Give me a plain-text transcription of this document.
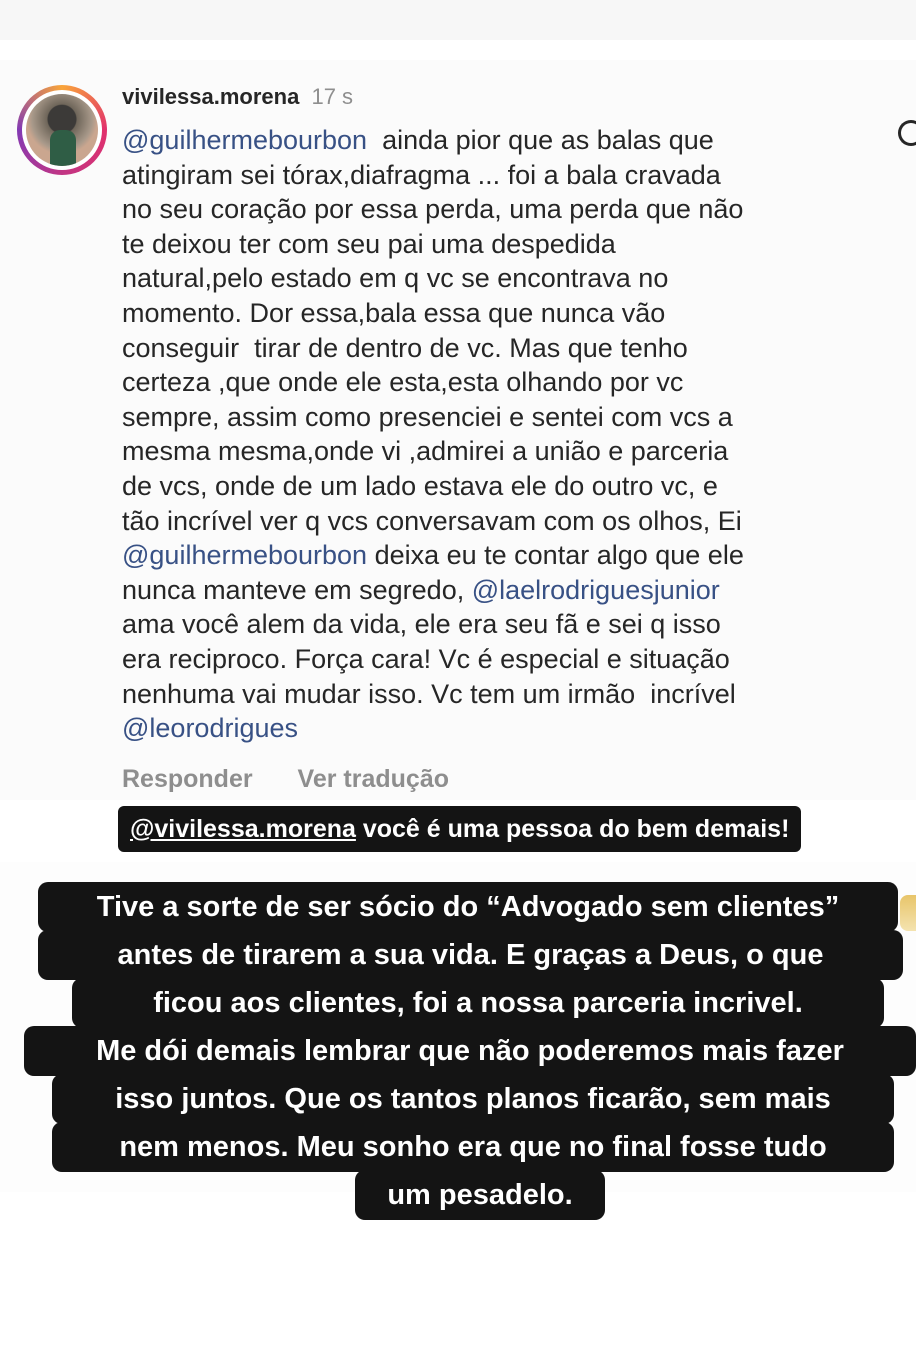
vivilessa.morena 17 s

@guilhermebourbon  ainda pior que as balas que
atingiram sei tórax,diafragma ... foi a bala cravada
no seu coração por essa perda, uma perda que não
te deixou ter com seu pai uma despedida
natural,pelo estado em q vc se encontrava no
momento. Dor essa,bala essa que nunca vão
conseguir  tirar de dentro de vc. Mas que tenho
certeza ,que onde ele esta,esta olhando por vc
sempre, assim como presenciei e sentei com vcs a
mesma mesma,onde vi ,admirei a união e parceria
de vcs, onde de um lado estava ele do outro vc, e
tão incrível ver q vcs conversavam com os olhos, Ei
@guilhermebourbon deixa eu te contar algo que ele
nunca manteve em segredo, @laelrodriguesjunior
ama você alem da vida, ele era seu fã e sei q isso
era reciproco. Força cara! Vc é especial e situação
nenhuma vai mudar isso. Vc tem um irmão  incrível
@leorodrigues

Responder Ver tradução
@vivilessa.morena você é uma pessoa do bem demais!
Tive a sorte de ser sócio do “Advogado sem clientes”
antes de tirarem a sua vida. E graças a Deus, o que
ficou aos clientes, foi a nossa parceria incrivel.
Me dói demais lembrar que não poderemos mais fazer
isso juntos. Que os tantos planos ficarão, sem mais
nem menos. Meu sonho era que no final fosse tudo
um pesadelo.
